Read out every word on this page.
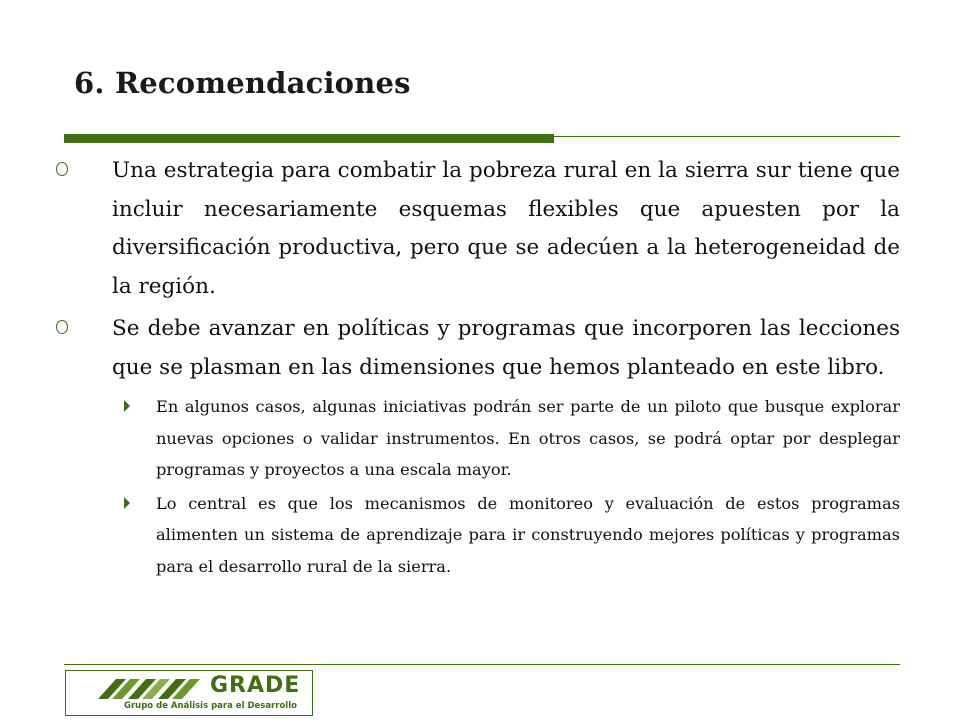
6. Recomendaciones
Una estrategia para combatir la pobreza rural en la sierra sur tiene que incluir necesariamente esquemas flexibles que apuesten por la diversificación productiva, pero que se adecúen a la heterogeneidad de la región.
Se debe avanzar en políticas y programas que incorporen las lecciones que se plasman en las dimensiones que hemos planteado en este libro.
En algunos casos, algunas iniciativas podrán ser parte de un piloto que busque explorar nuevas opciones o validar instrumentos. En otros casos, se podrá optar por desplegar programas y proyectos a una escala mayor.
Lo central es que los mecanismos de monitoreo y evaluación de estos programas alimenten un sistema de aprendizaje para ir construyendo mejores políticas y programas para el desarrollo rural de la sierra.
GRADE
Grupo de Análisis para el Desarrollo
